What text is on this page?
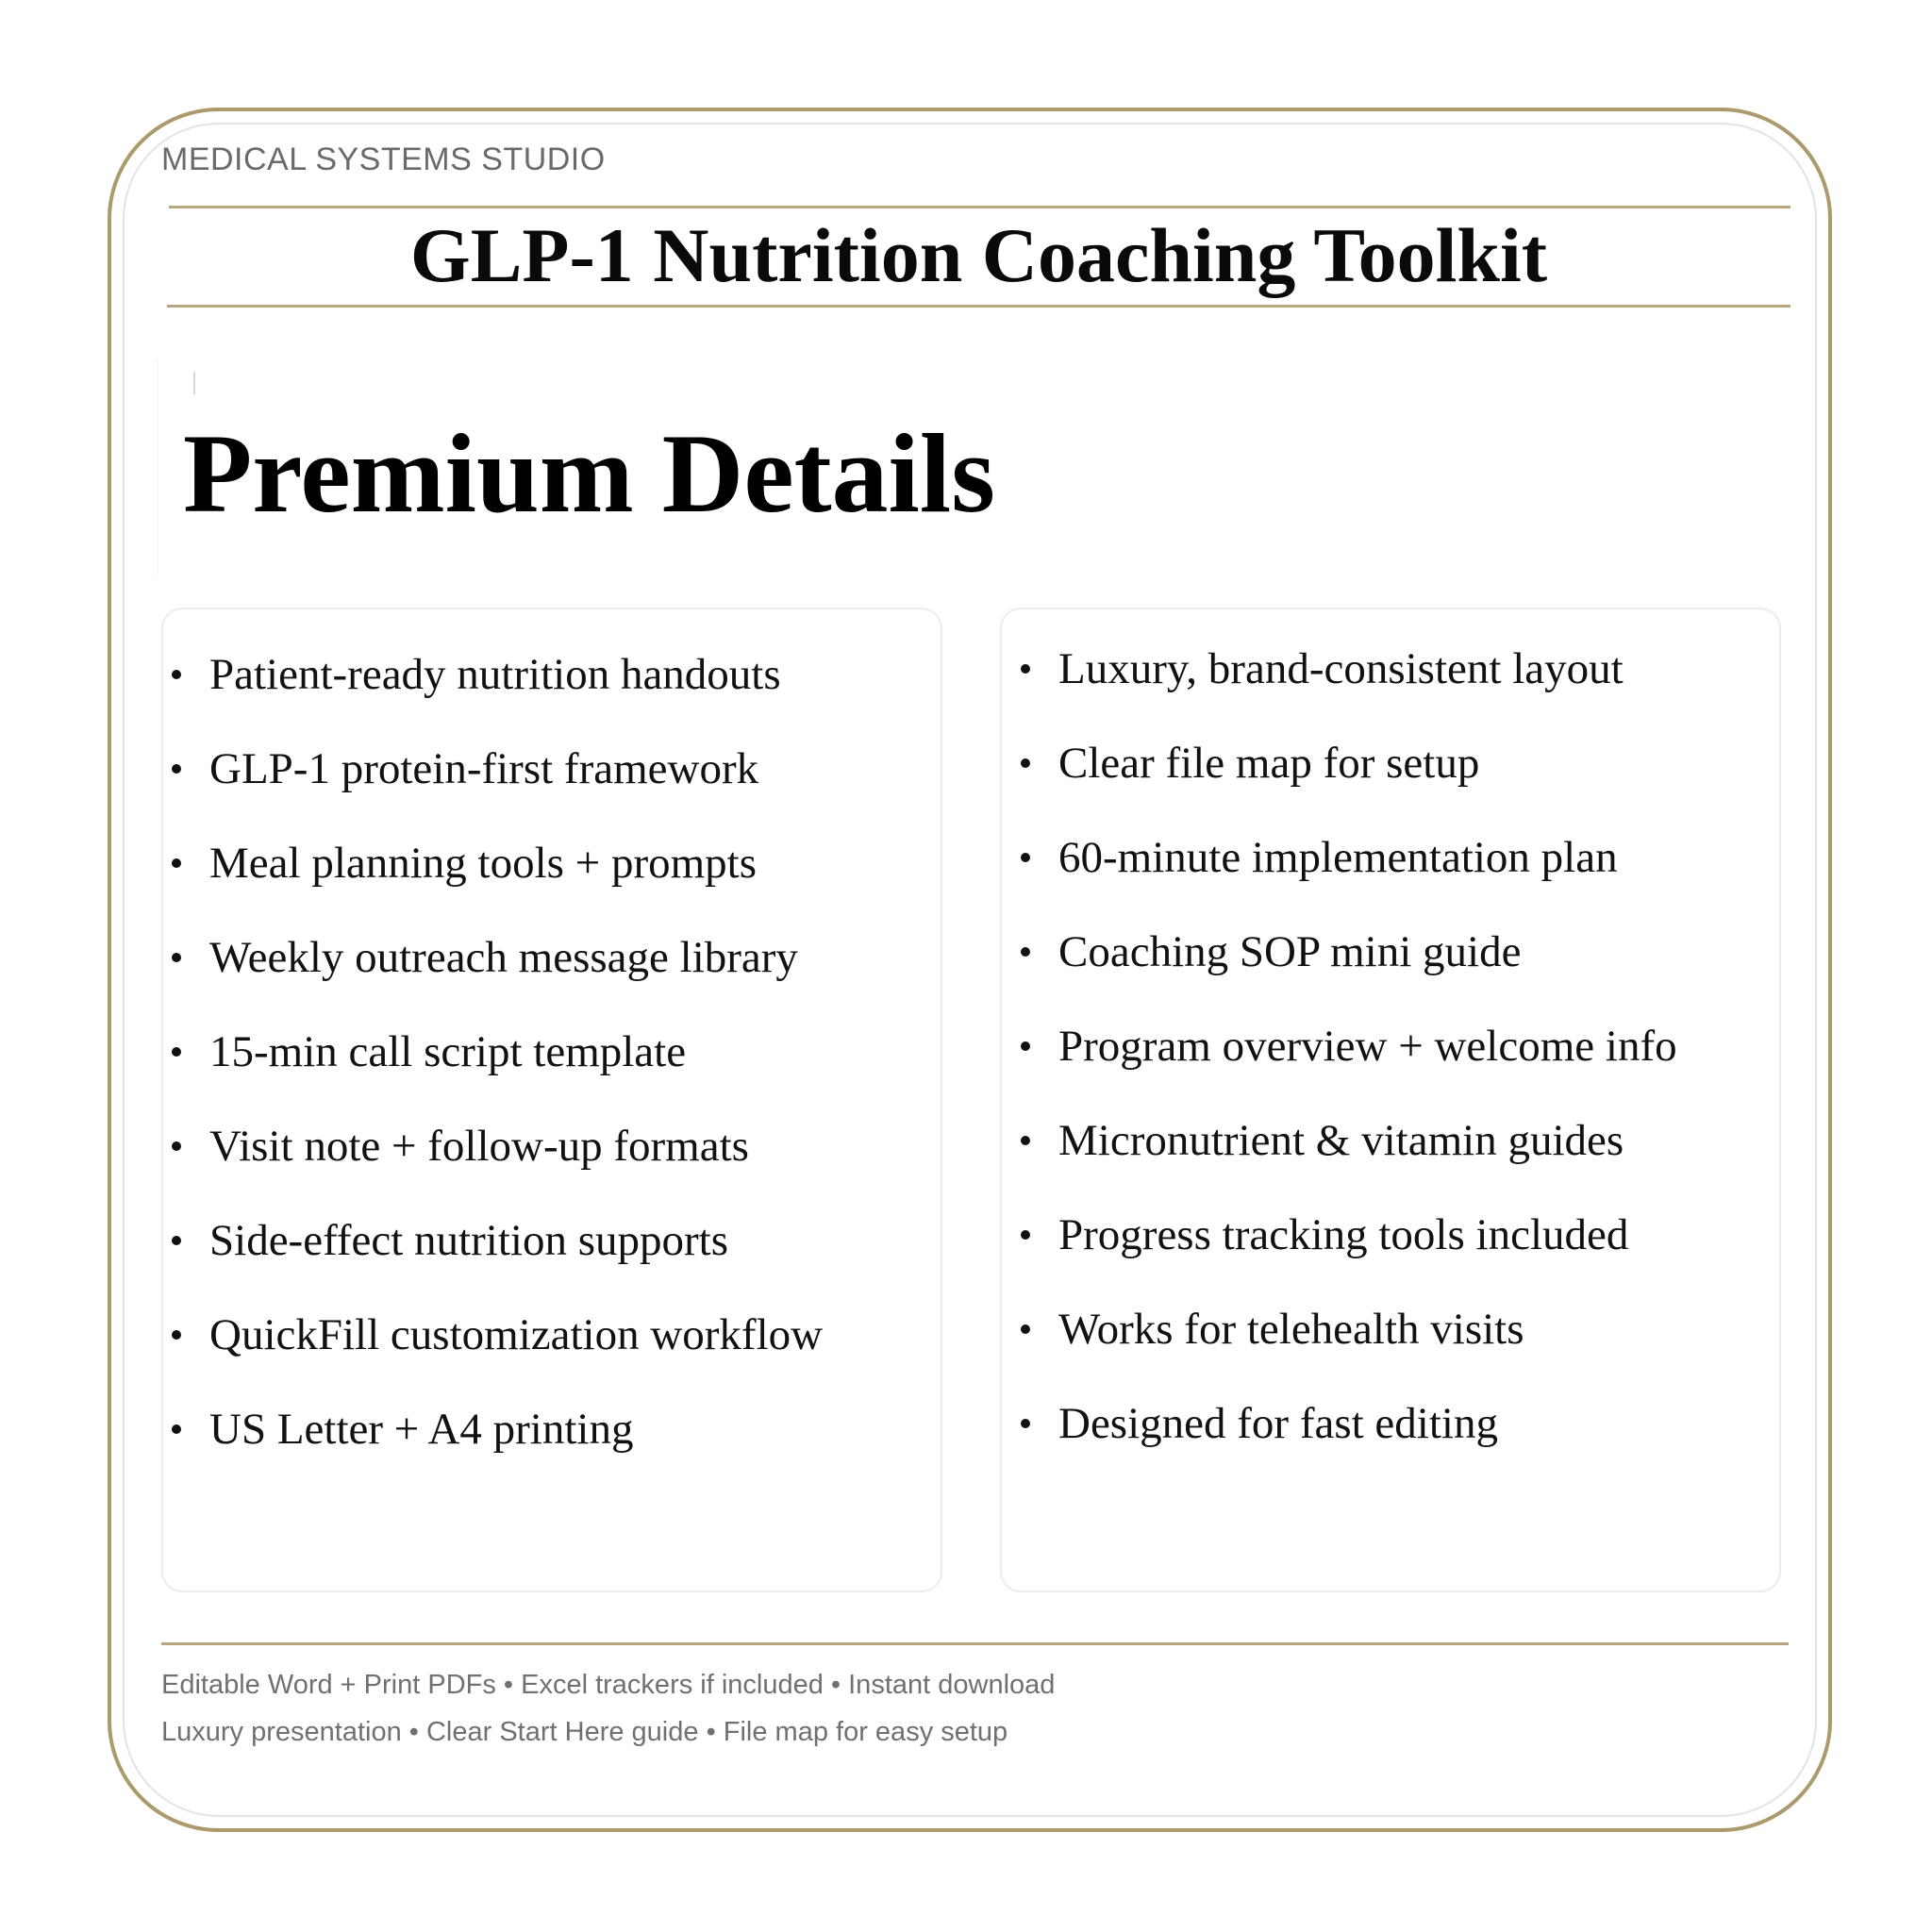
MEDICAL SYSTEMS STUDIO
GLP-1 Nutrition Coaching Toolkit
Premium Details
Patient-ready nutrition handouts
GLP-1 protein-first framework
Meal planning tools + prompts
Weekly outreach message library
15-min call script template
Visit note + follow-up formats
Side-effect nutrition supports
QuickFill customization workflow
US Letter + A4 printing
Luxury, brand-consistent layout
Clear file map for setup
60-minute implementation plan
Coaching SOP mini guide
Program overview + welcome info
Micronutrient & vitamin guides
Progress tracking tools included
Works for telehealth visits
Designed for fast editing
Editable Word + Print PDFs • Excel trackers if included • Instant download
Luxury presentation • Clear Start Here guide • File map for easy setup
